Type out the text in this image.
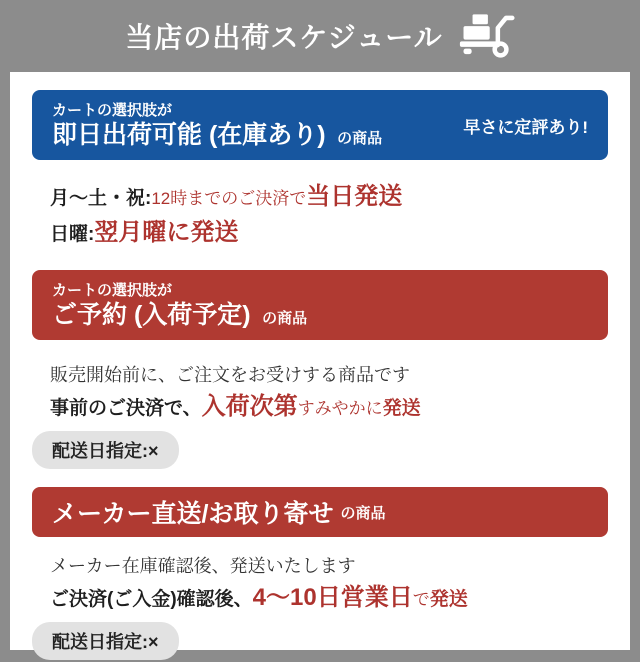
当店の出荷スケジュール
カートの選択肢が
即日出荷可能 (在庫あり) の商品
早さに定評あり!
月〜土・祝:12時までのご決済で当日発送
日曜:翌月曜に発送
カートの選択肢が
ご予約 (入荷予定) の商品
販売開始前に、ご注文をお受けする商品です
事前のご決済で、入荷次第すみやかに発送
配送日指定:×
メーカー直送/お取り寄せ の商品
メーカー在庫確認後、発送いたします
ご決済(ご入金)確認後、4〜10日営業日で発送
配送日指定:×
